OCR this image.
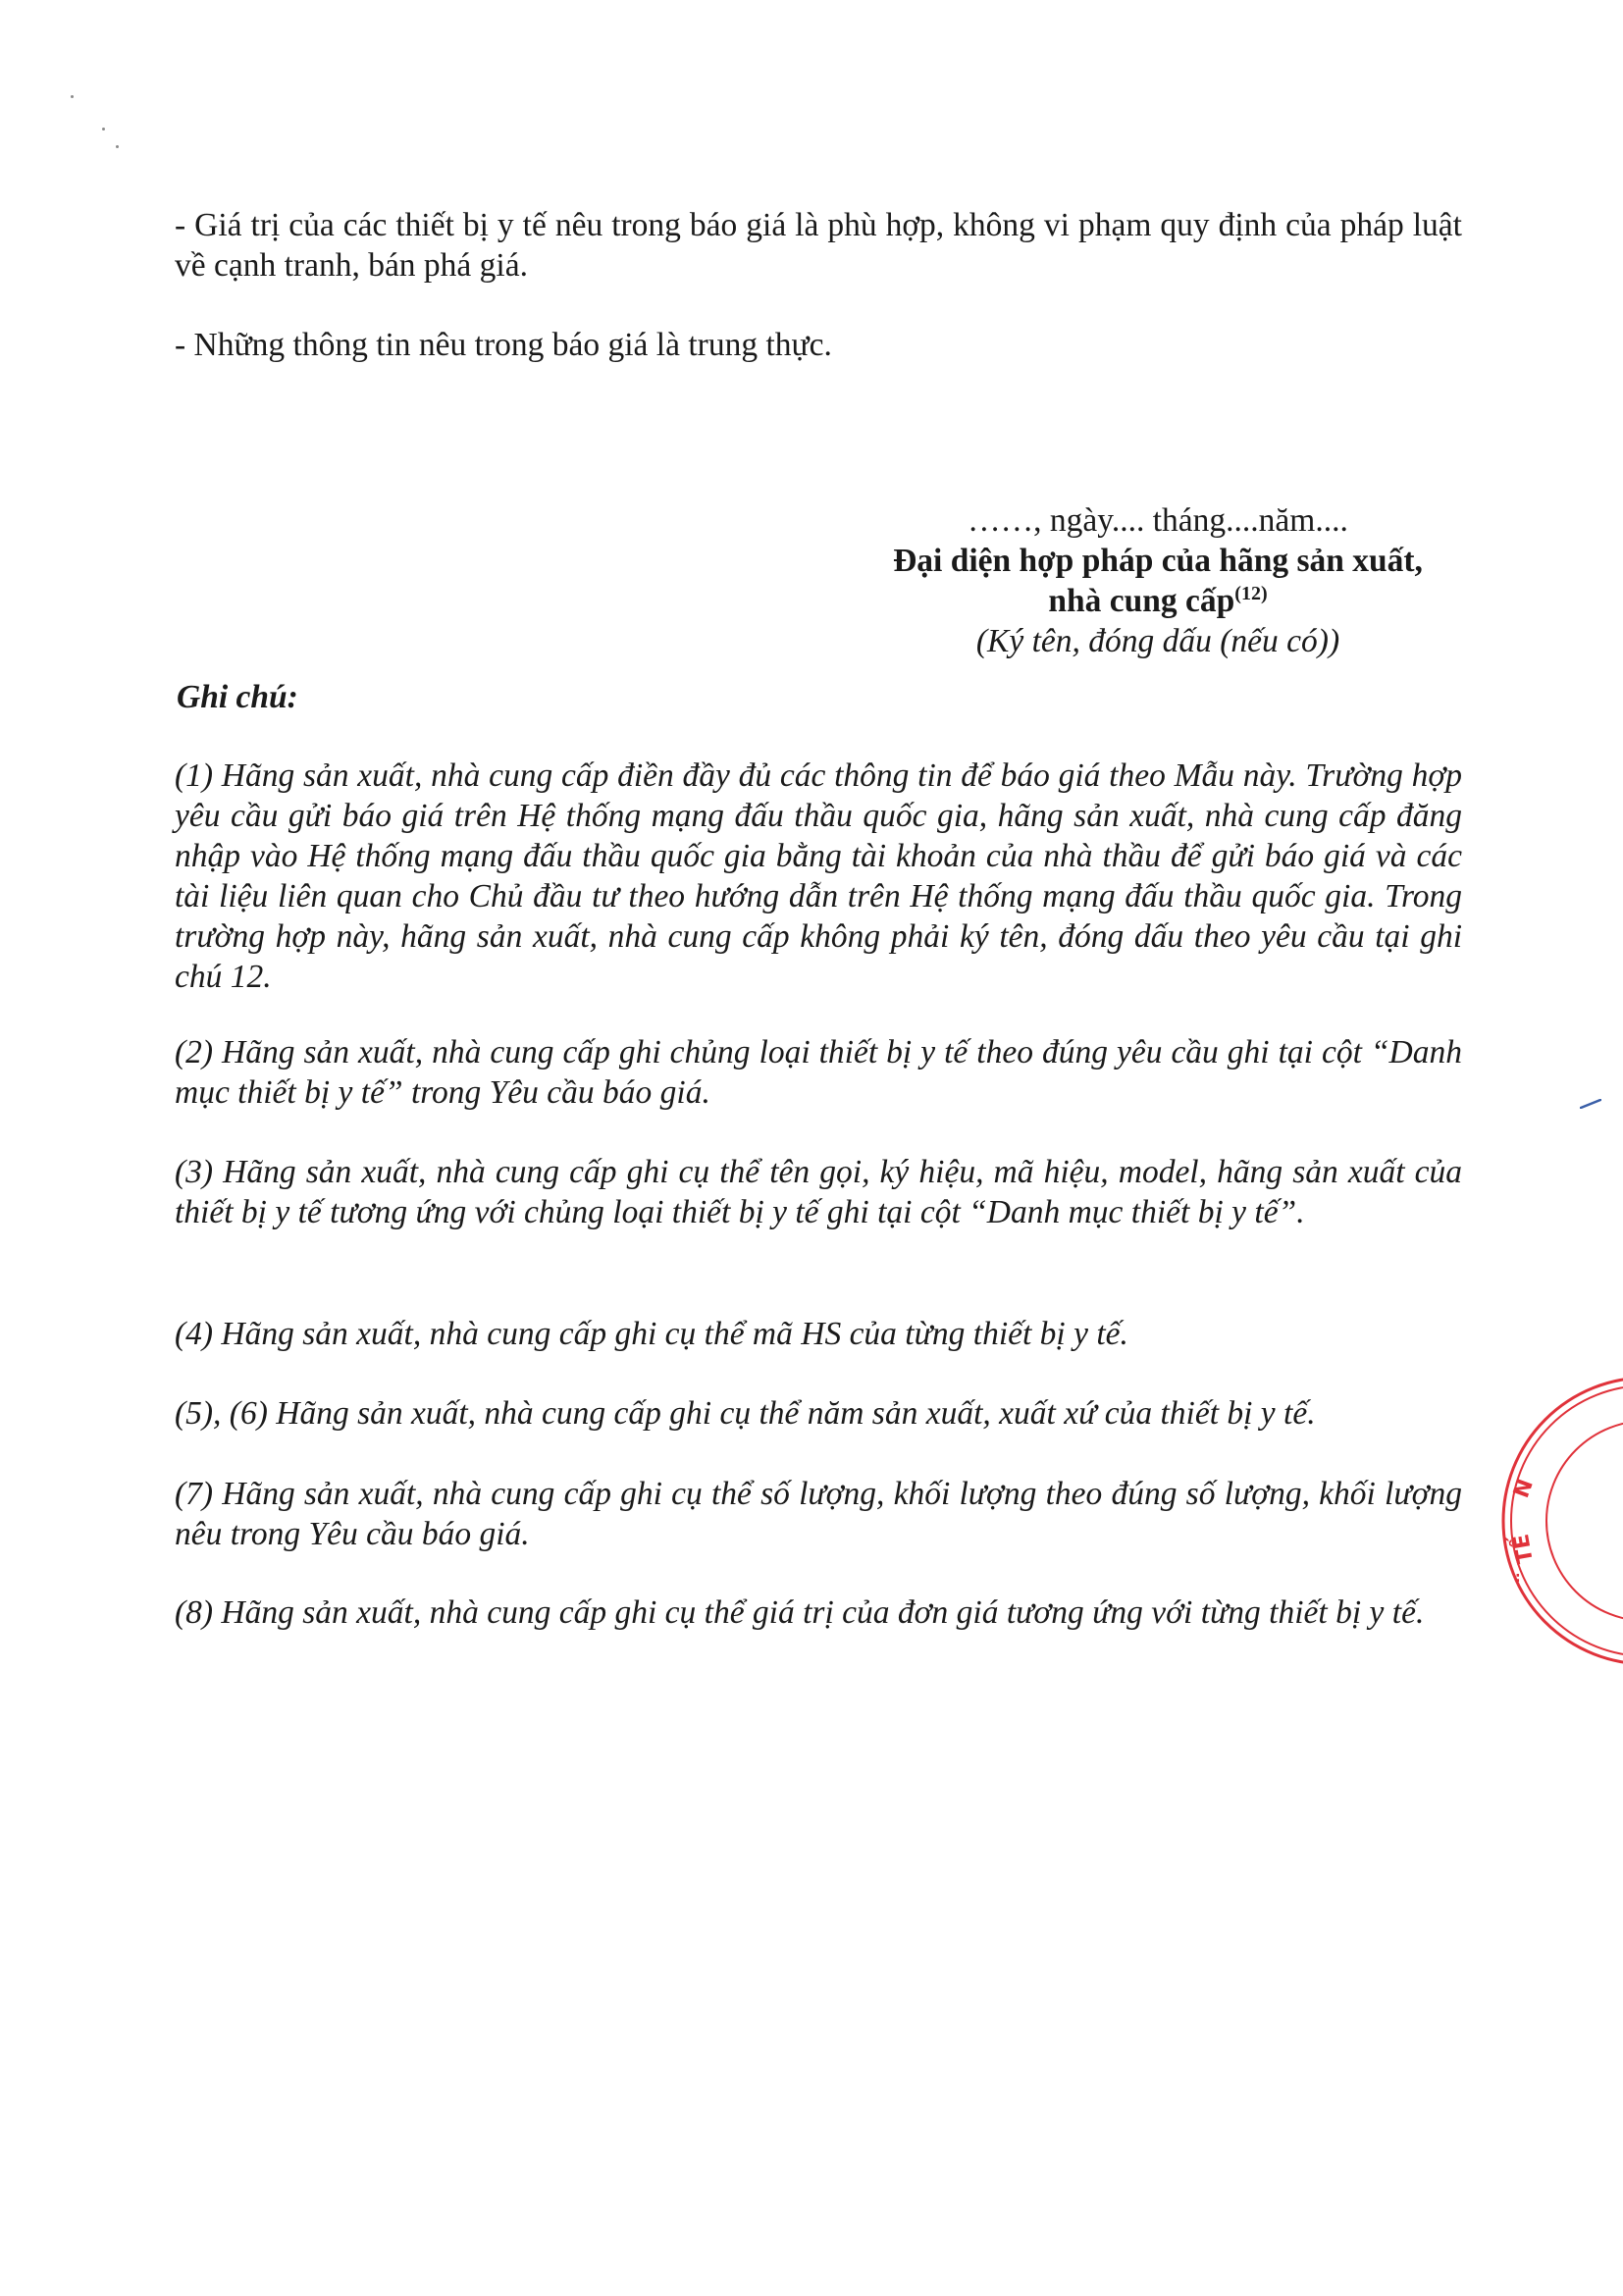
- Giá trị của các thiết bị y tế nêu trong báo giá là phù hợp, không vi phạm quy định của pháp luật về cạnh tranh, bán phá giá.

- Những thông tin nêu trong báo giá là trung thực.

……, ngày.... tháng....năm....
Đại diện hợp pháp của hãng sản xuất,
nhà cung cấp$^{(12)}$
(Ký tên, đóng dấu (nếu có))

Ghi chú:

(1) Hãng sản xuất, nhà cung cấp điền đầy đủ các thông tin để báo giá theo Mẫu này. Trường hợp yêu cầu gửi báo giá trên Hệ thống mạng đấu thầu quốc gia, hãng sản xuất, nhà cung cấp đăng nhập vào Hệ thống mạng đấu thầu quốc gia bằng tài khoản của nhà thầu để gửi báo giá và các tài liệu liên quan cho Chủ đầu tư theo hướng dẫn trên Hệ thống mạng đấu thầu quốc gia. Trong trường hợp này, hãng sản xuất, nhà cung cấp không phải ký tên, đóng dấu theo yêu cầu tại ghi chú 12.

(2) Hãng sản xuất, nhà cung cấp ghi chủng loại thiết bị y tế theo đúng yêu cầu ghi tại cột “Danh mục thiết bị y tế” trong Yêu cầu báo giá.

(3) Hãng sản xuất, nhà cung cấp ghi cụ thể tên gọi, ký hiệu, mã hiệu, model, hãng sản xuất của thiết bị y tế tương ứng với chủng loại thiết bị y tế ghi tại cột “Danh mục thiết bị y tế”.

(4) Hãng sản xuất, nhà cung cấp ghi cụ thể mã HS của từng thiết bị y tế.

(5), (6) Hãng sản xuất, nhà cung cấp ghi cụ thể năm sản xuất, xuất xứ của thiết bị y tế.

(7) Hãng sản xuất, nhà cung cấp ghi cụ thể số lượng, khối lượng theo đúng số lượng, khối lượng nêu trong Yêu cầu báo giá.

(8) Hãng sản xuất, nhà cung cấp ghi cụ thể giá trị của đơn giá tương ứng với từng thiết bị y tế.

N
TẾ
:
